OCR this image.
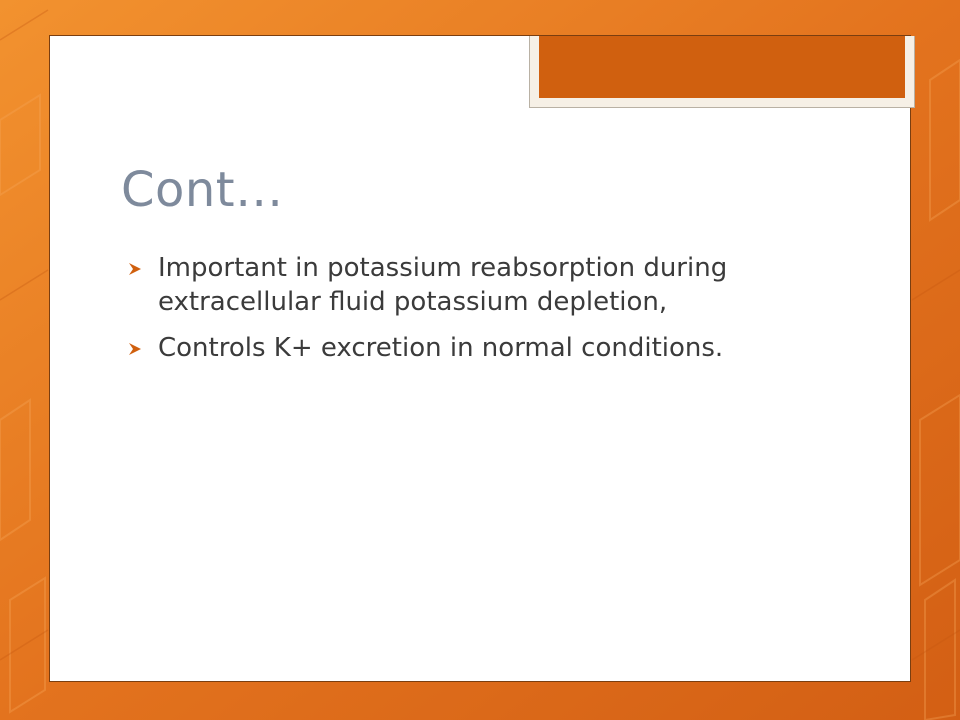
Cont…
Important in potassium reabsorption during extracellular fluid potassium depletion,
Controls K+ excretion in normal conditions.
